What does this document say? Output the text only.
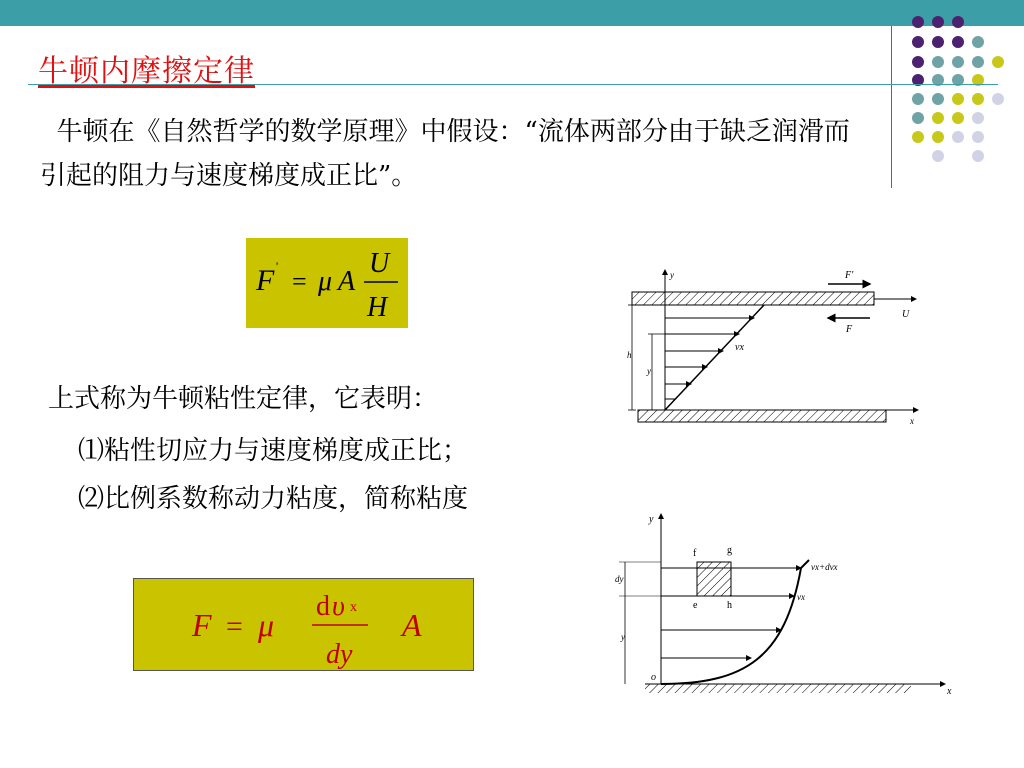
牛顿内摩擦定律
牛顿在《自然哲学的数学原理》中假设：“流体两部分由于缺乏润滑而引起的阻力与速度梯度成正比”。
F '
= μ A
U
H
F = μ
d υ x
dy
A
上式称为牛顿粘性定律，它表明：
⑴粘性切应力与速度梯度成正比；
⑵比例系数称动力粘度，简称粘度
y
U
F'
F
x
vx
h
y
y
x
o
vx+dvx
vx
f	g
e	h
dy
y
